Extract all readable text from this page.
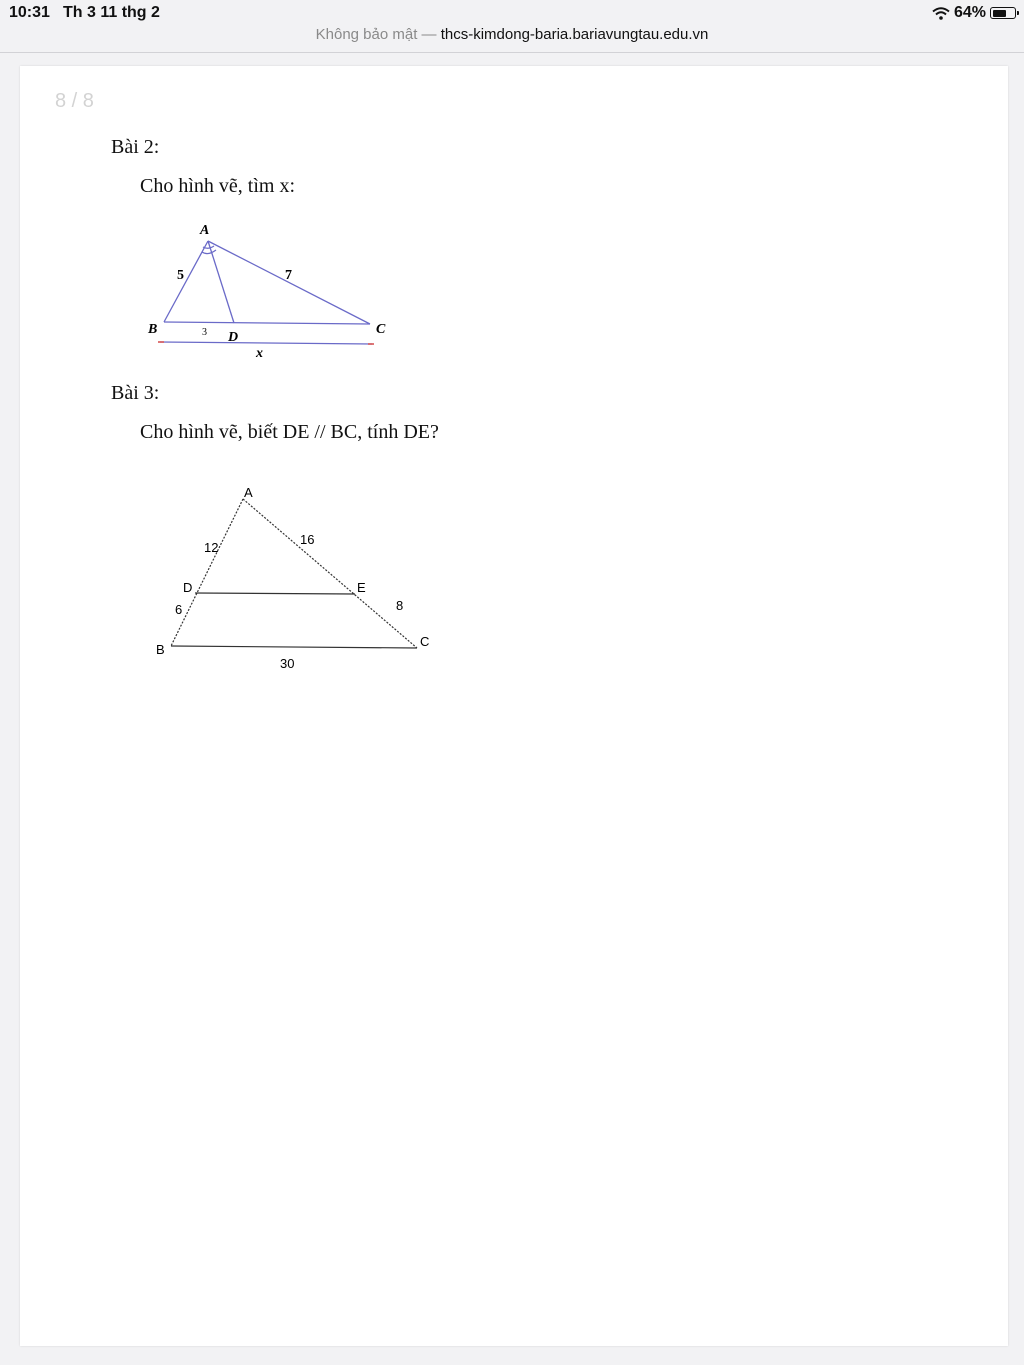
10:31 Th 3 11 thg 2	64%
Không bảo mật — thcs-kimdong-baria.bariavungtau.edu.vn
8 / 8
Bài 2:
Cho hình vẽ, tìm x:
A
B	C
D
5	7
3
x
Bài 3:
Cho hình vẽ, biết DE // BC, tính DE?
A
B
C
D	E
12
6
16
8
30
